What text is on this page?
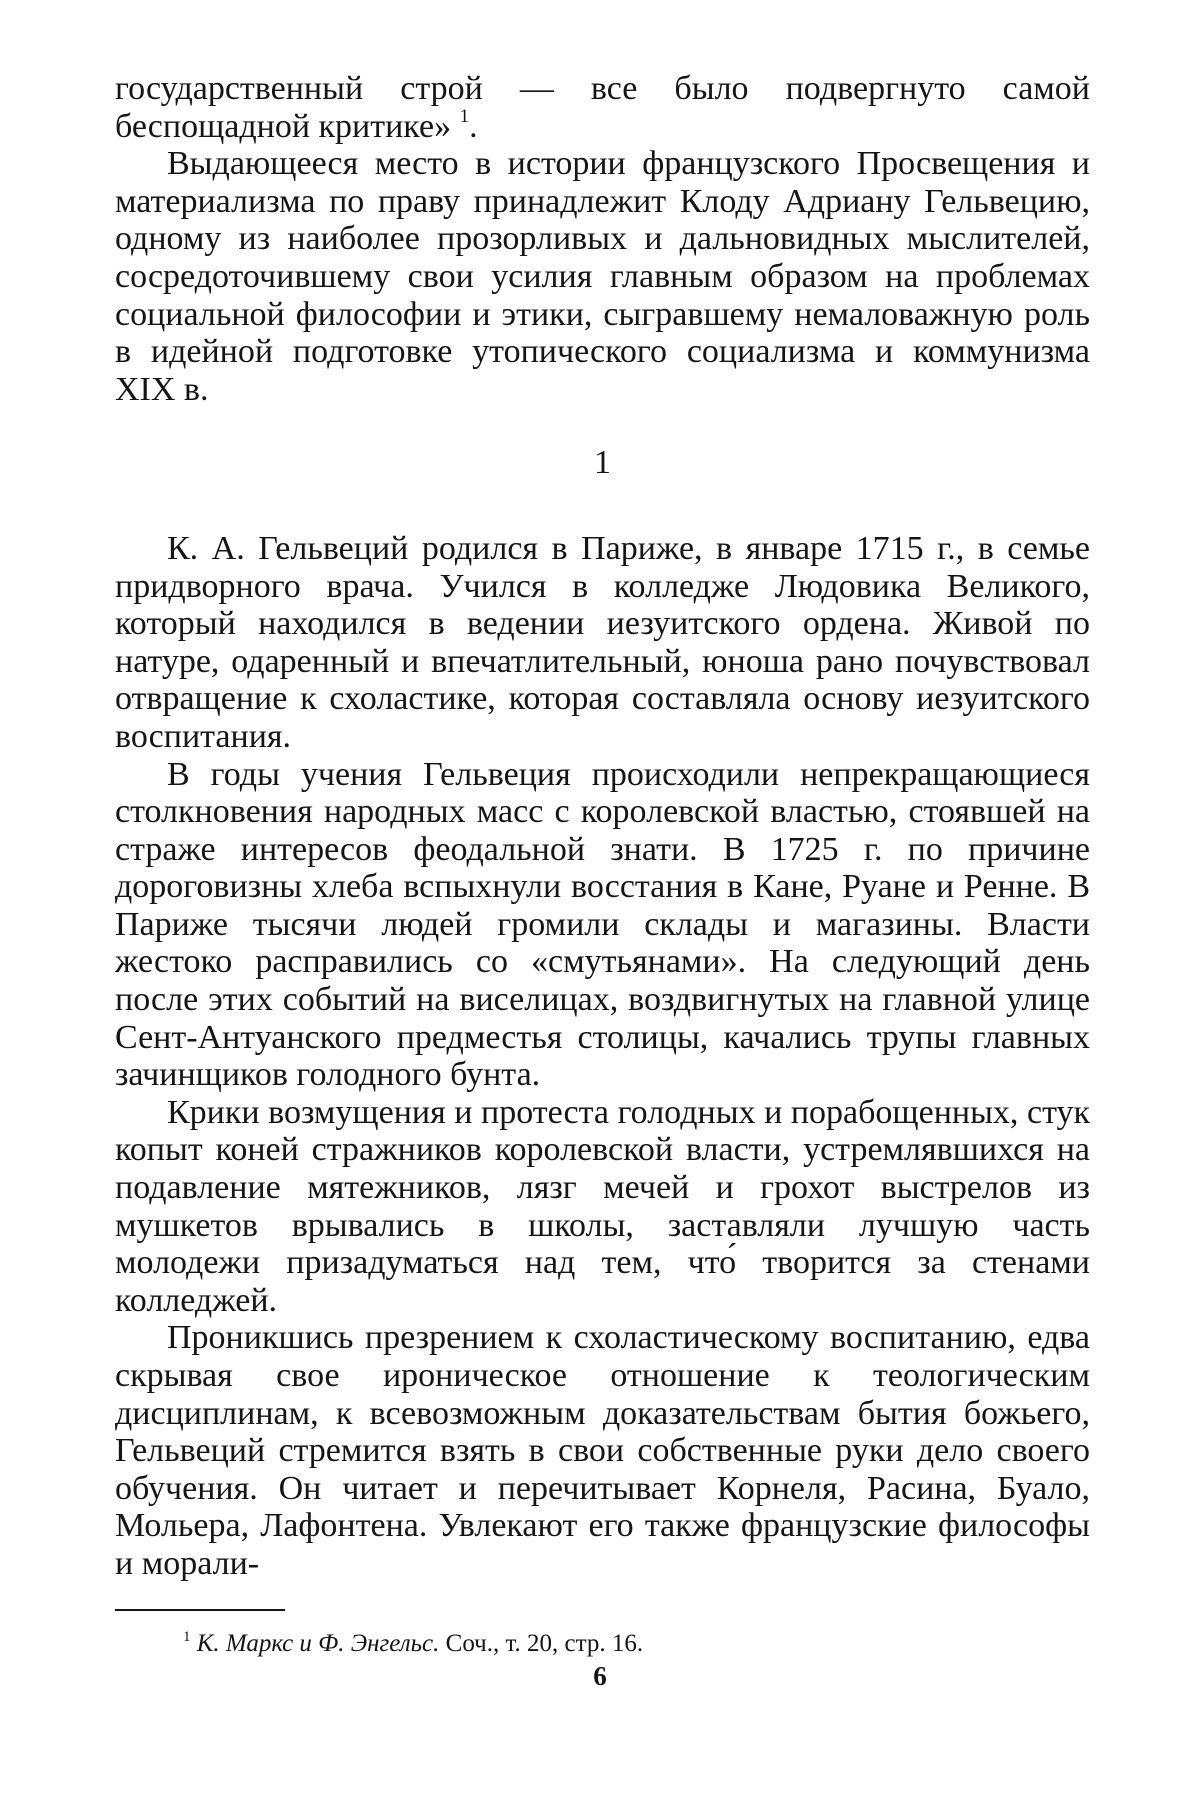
государственный строй — все было подвергнуто самой беспощадной критике» $^1$.

Выдающееся место в истории французского Просвещения и материализма по праву принадлежит Клоду Адриану Гельвецию, одному из наиболее прозорливых и дальновидных мыслителей, сосредоточившему свои усилия главным образом на проблемах социальной философии и этики, сыгравшему немаловажную роль в идейной подготовке утопического социализма и коммунизма XIX в.

1

К. А. Гельвеций родился в Париже, в январе 1715 г., в семье придворного врача. Учился в колледже Людовика Великого, который находился в ведении иезуитского ордена. Живой по натуре, одаренный и впечатлительный, юноша рано почувствовал отвращение к схоластике, которая составляла основу иезуитского воспитания.

В годы учения Гельвеция происходили непрекращающиеся столкновения народных масс с королевской властью, стоявшей на страже интересов феодальной знати. В 1725 г. по причине дороговизны хлеба вспыхнули восстания в Кане, Руане и Ренне. В Париже тысячи людей громили склады и магазины. Власти жестоко расправились со «смутьянами». На следующий день после этих событий на виселицах, воздвигнутых на главной улице Сент-Антуанского предместья столицы, качались трупы главных зачинщиков голодного бунта.

Крики возмущения и протеста голодных и порабощенных, стук копыт коней стражников королевской власти, устремлявшихся на подавление мятежников, лязг мечей и грохот выстрелов из мушкетов врывались в школы, заставляли лучшую часть молодежи призадуматься над тем, что́ творится за стенами колледжей.

Проникшись презрением к схоластическому воспитанию, едва скрывая свое ироническое отношение к теологическим дисциплинам, к всевозможным доказательствам бытия божьего, Гельвеций стремится взять в свои собственные руки дело своего обучения. Он читает и перечитывает Корнеля, Расина, Буало, Мольера, Лафонтена. Увлекают его также французские философы и морали-

$^1$ К. Маркс и Ф. Энгельс. Соч., т. 20, стр. 16.

6
